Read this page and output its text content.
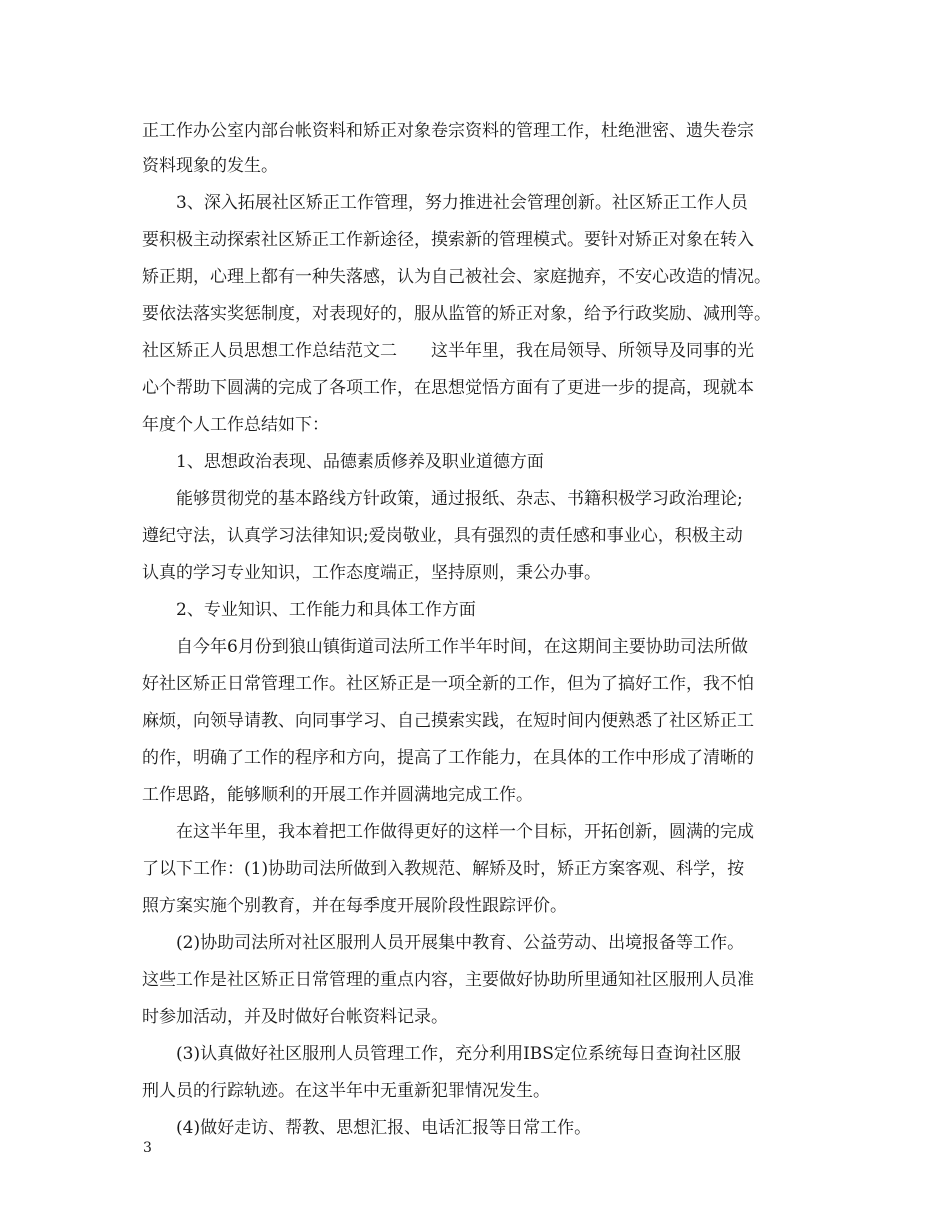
正工作办公室内部台帐资料和矫正对象卷宗资料的管理工作，杜绝泄密、遗失卷宗
资料现象的发生。
3、深入拓展社区矫正工作管理，努力推进社会管理创新。社区矫正工作人员
要积极主动探索社区矫正工作新途径，摸索新的管理模式。要针对矫正对象在转入
矫正期，心理上都有一种失落感，认为自己被社会、家庭抛弃，不安心改造的情况。
要依法落实奖惩制度，对表现好的，服从监管的矫正对象，给予行政奖励、减刑等。
社区矫正人员思想工作总结范文二　　这半年里，我在局领导、所领导及同事的光
心个帮助下圆满的完成了各项工作，在思想觉悟方面有了更进一步的提高，现就本
年度个人工作总结如下：
1、思想政治表现、品德素质修养及职业道德方面
能够贯彻党的基本路线方针政策，通过报纸、杂志、书籍积极学习政治理论;
遵纪守法，认真学习法律知识;爱岗敬业，具有强烈的责任感和事业心，积极主动
认真的学习专业知识，工作态度端正，坚持原则，秉公办事。
2、专业知识、工作能力和具体工作方面
自今年6月份到狼山镇街道司法所工作半年时间，在这期间主要协助司法所做
好社区矫正日常管理工作。社区矫正是一项全新的工作，但为了搞好工作，我不怕
麻烦，向领导请教、向同事学习、自己摸索实践，在短时间内便熟悉了社区矫正工
的作，明确了工作的程序和方向，提高了工作能力，在具体的工作中形成了清晰的
工作思路，能够顺利的开展工作并圆满地完成工作。
在这半年里，我本着把工作做得更好的这样一个目标，开拓创新，圆满的完成
了以下工作：(1)协助司法所做到入教规范、解矫及时，矫正方案客观、科学，按
照方案实施个别教育，并在每季度开展阶段性跟踪评价。
(2)协助司法所对社区服刑人员开展集中教育、公益劳动、出境报备等工作。
这些工作是社区矫正日常管理的重点内容，主要做好协助所里通知社区服刑人员准
时参加活动，并及时做好台帐资料记录。
(3)认真做好社区服刑人员管理工作，充分利用IBS定位系统每日查询社区服
刑人员的行踪轨迹。在这半年中无重新犯罪情况发生。
(4)做好走访、帮教、思想汇报、电话汇报等日常工作。
3
